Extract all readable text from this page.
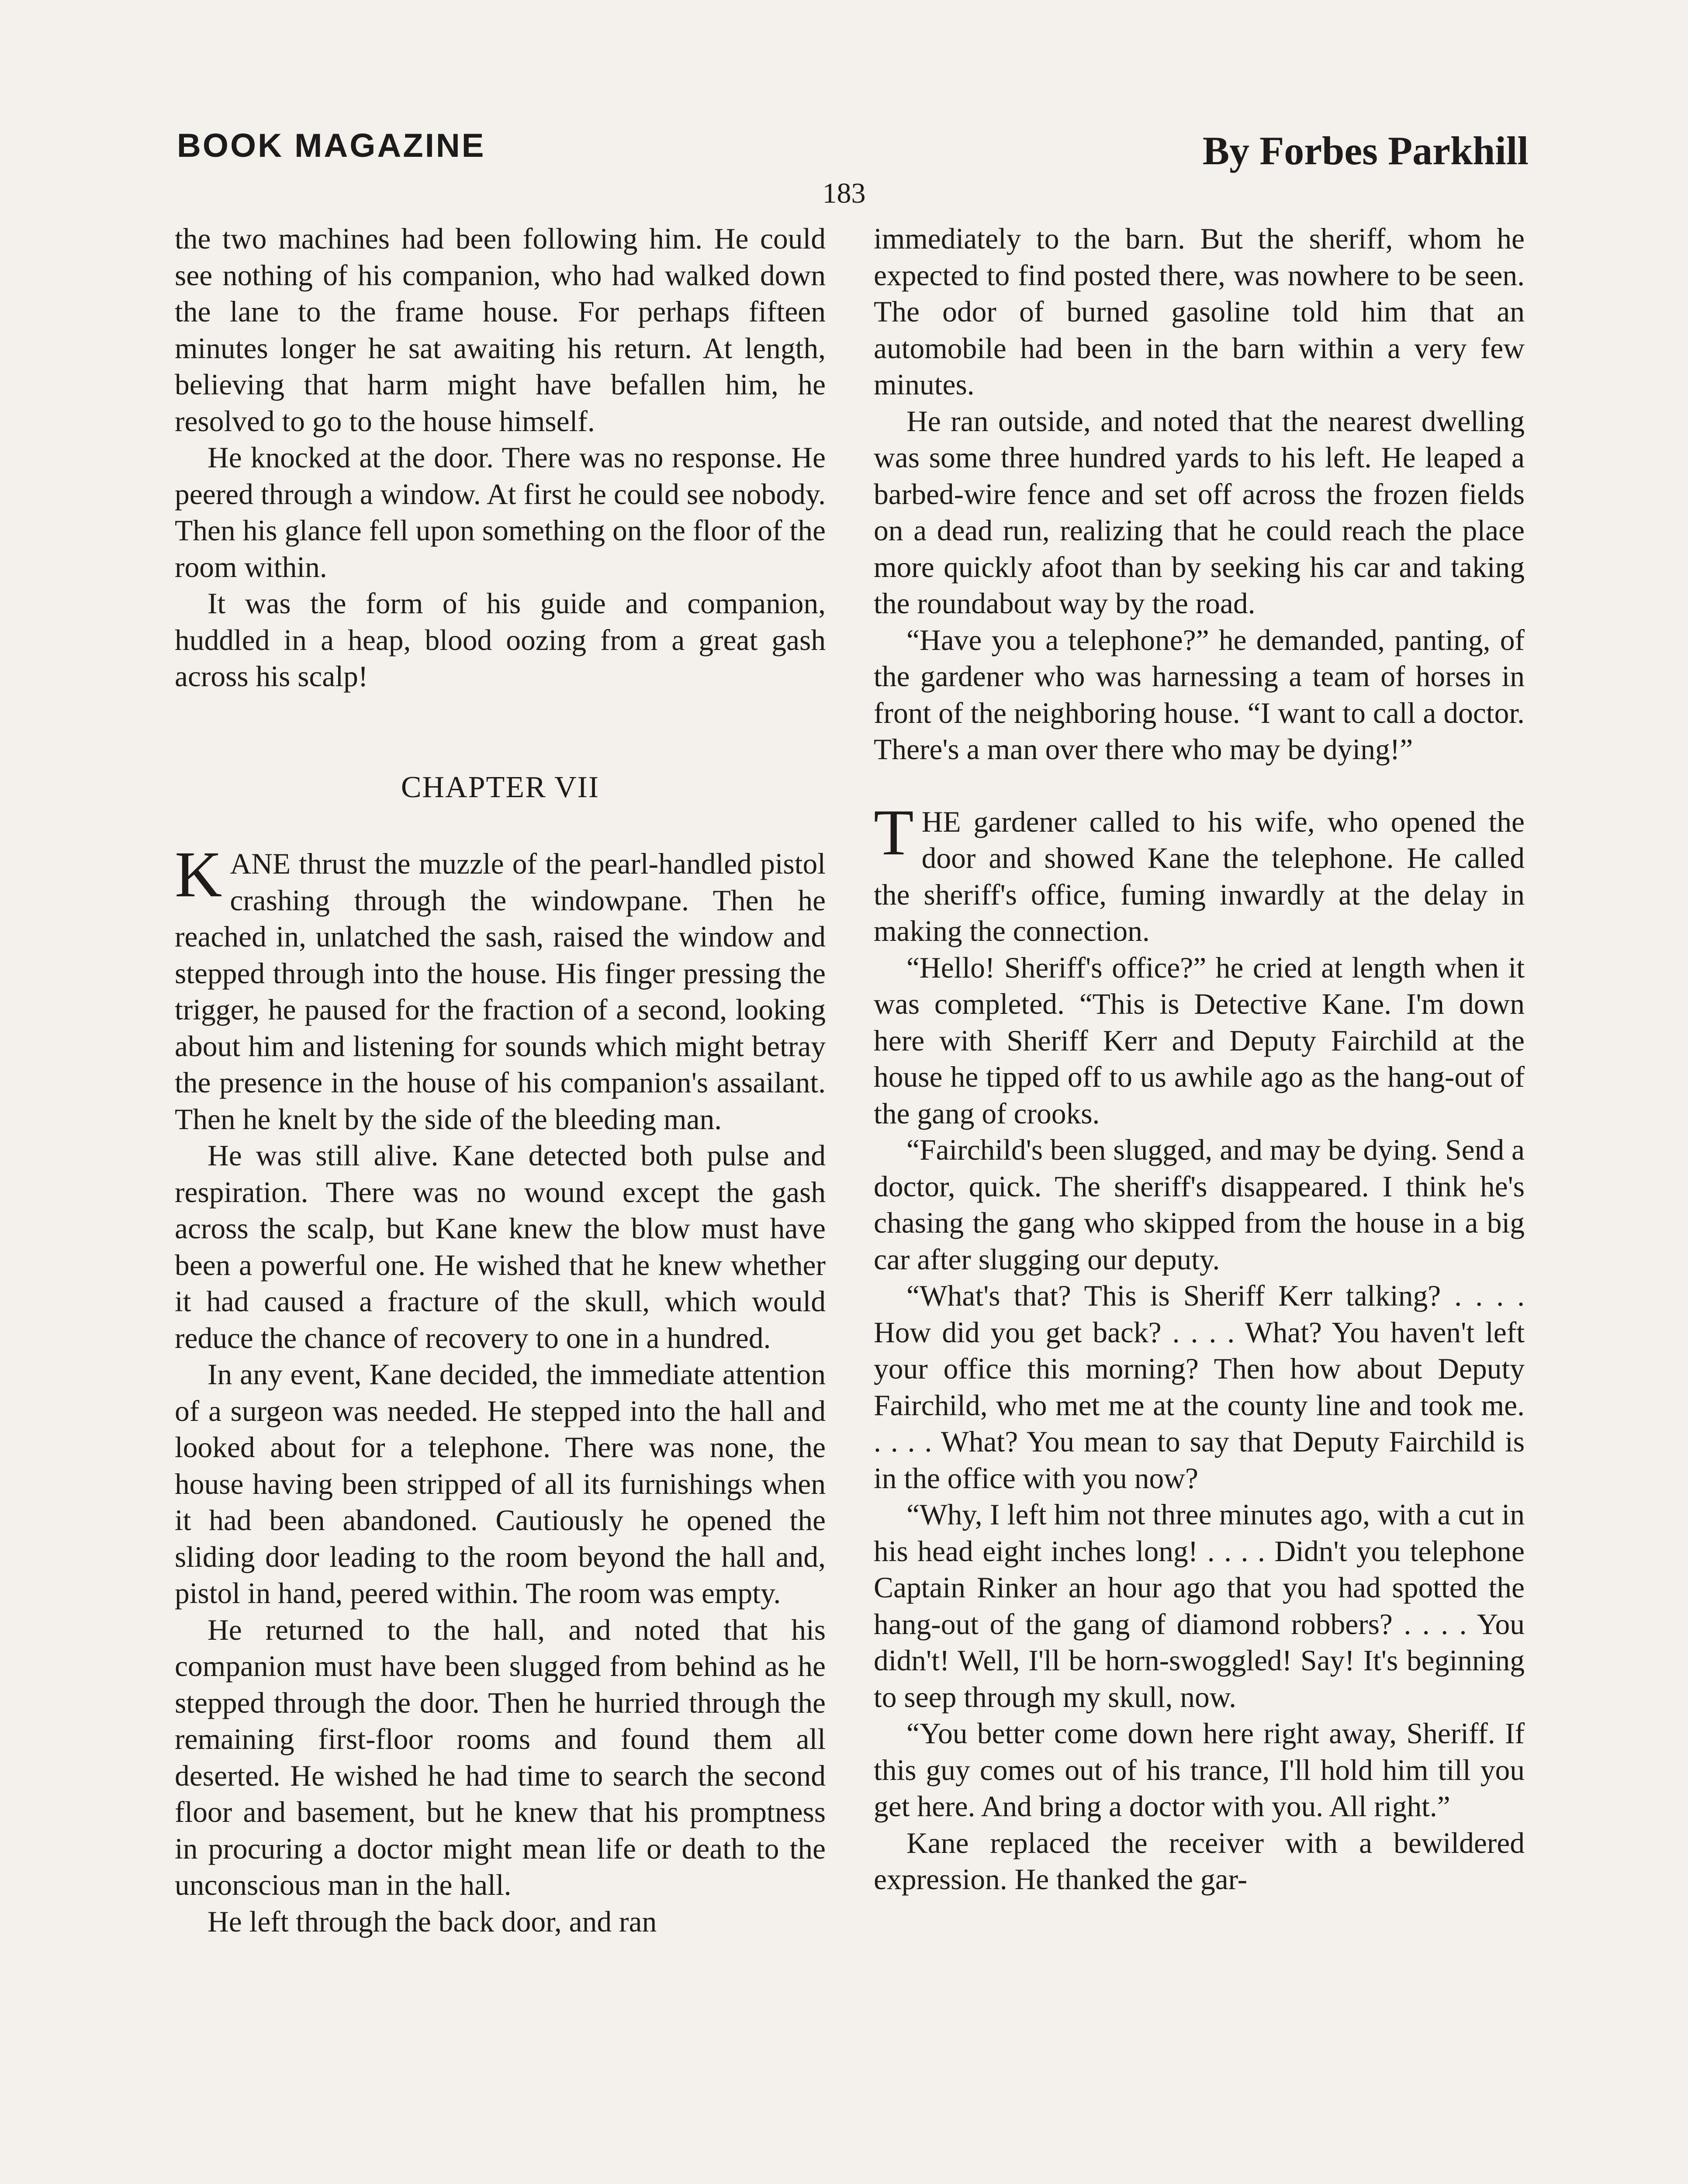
BOOK MAGAZINE	By Forbes Parkhill
183

the two machines had been following him. He could see nothing of his companion, who had walked down the lane to the frame house. For perhaps fifteen minutes longer he sat awaiting his return. At length, believing that harm might have befallen him, he resolved to go to the house himself.

He knocked at the door. There was no response. He peered through a window. At first he could see nobody. Then his glance fell upon something on the floor of the room within.

It was the form of his guide and companion, huddled in a heap, blood oozing from a great gash across his scalp!

CHAPTER VII

KANE thrust the muzzle of the pearl-handled pistol crashing through the windowpane. Then he reached in, unlatched the sash, raised the window and stepped through into the house. His finger pressing the trigger, he paused for the fraction of a second, looking about him and listening for sounds which might betray the presence in the house of his companion's assailant. Then he knelt by the side of the bleeding man.

He was still alive. Kane detected both pulse and respiration. There was no wound except the gash across the scalp, but Kane knew the blow must have been a powerful one. He wished that he knew whether it had caused a fracture of the skull, which would reduce the chance of recovery to one in a hundred.

In any event, Kane decided, the immediate attention of a surgeon was needed. He stepped into the hall and looked about for a telephone. There was none, the house having been stripped of all its furnishings when it had been abandoned. Cautiously he opened the sliding door leading to the room beyond the hall and, pistol in hand, peered within. The room was empty.

He returned to the hall, and noted that his companion must have been slugged from behind as he stepped through the door. Then he hurried through the remaining first-floor rooms and found them all deserted. He wished he had time to search the second floor and basement, but he knew that his promptness in procuring a doctor might mean life or death to the unconscious man in the hall.

He left through the back door, and ran

immediately to the barn. But the sheriff, whom he expected to find posted there, was nowhere to be seen. The odor of burned gasoline told him that an automobile had been in the barn within a very few minutes.

He ran outside, and noted that the nearest dwelling was some three hundred yards to his left. He leaped a barbed-wire fence and set off across the frozen fields on a dead run, realizing that he could reach the place more quickly afoot than by seeking his car and taking the roundabout way by the road.

“Have you a telephone?” he demanded, panting, of the gardener who was harnessing a team of horses in front of the neighboring house. “I want to call a doctor. There's a man over there who may be dying!”

THE gardener called to his wife, who opened the door and showed Kane the telephone. He called the sheriff's office, fuming inwardly at the delay in making the connection.

“Hello! Sheriff's office?” he cried at length when it was completed. “This is Detective Kane. I'm down here with Sheriff Kerr and Deputy Fairchild at the house he tipped off to us awhile ago as the hang-out of the gang of crooks.

“Fairchild's been slugged, and may be dying. Send a doctor, quick. The sheriff's disappeared. I think he's chasing the gang who skipped from the house in a big car after slugging our deputy.

“What's that? This is Sheriff Kerr talking? . . . . How did you get back? . . . . What? You haven't left your office this morning? Then how about Deputy Fairchild, who met me at the county line and took me. . . . . What? You mean to say that Deputy Fairchild is in the office with you now?

“Why, I left him not three minutes ago, with a cut in his head eight inches long! . . . . Didn't you telephone Captain Rinker an hour ago that you had spotted the hang-out of the gang of diamond robbers? . . . . You didn't! Well, I'll be horn-swoggled! Say! It's beginning to seep through my skull, now.

“You better come down here right away, Sheriff. If this guy comes out of his trance, I'll hold him till you get here. And bring a doctor with you. All right.”

Kane replaced the receiver with a bewildered expression. He thanked the gar-
